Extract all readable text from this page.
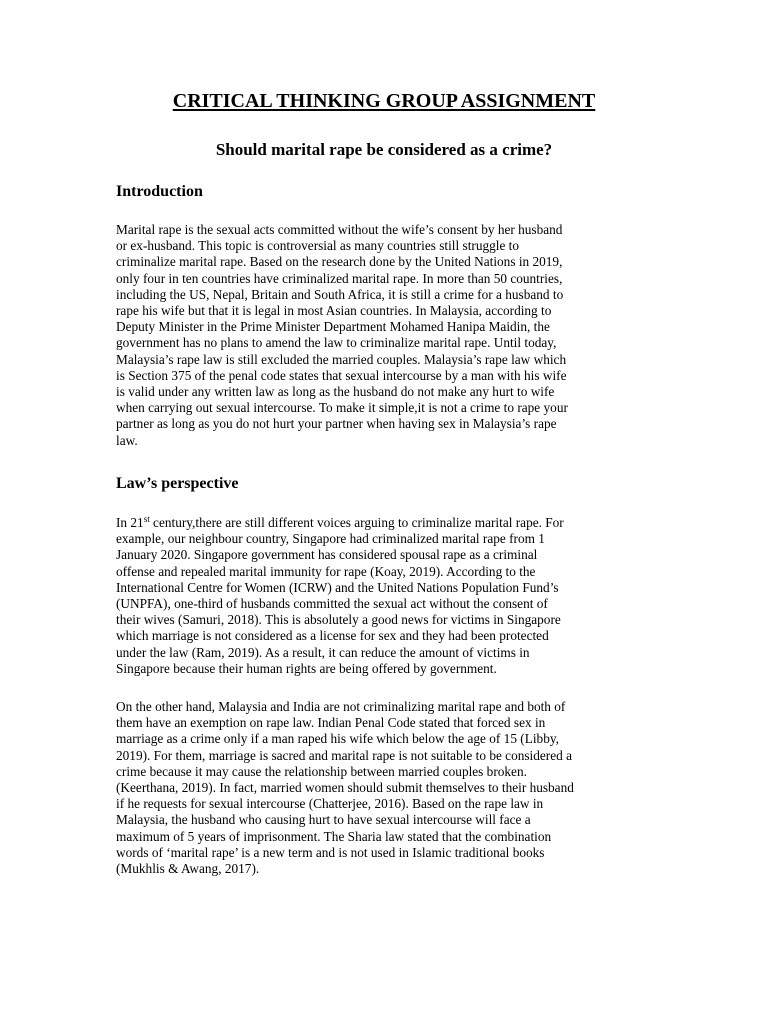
CRITICAL THINKING GROUP ASSIGNMENT
Should marital rape be considered as a crime?
Introduction
Marital rape is the sexual acts committed without the wife’s consent by her husband
or ex-husband. This topic is controversial as many countries still struggle to
criminalize marital rape. Based on the research done by the United Nations in 2019,
only four in ten countries have criminalized marital rape. In more than 50 countries,
including the US, Nepal, Britain and South Africa, it is still a crime for a husband to
rape his wife but that it is legal in most Asian countries. In Malaysia, according to
Deputy Minister in the Prime Minister Department Mohamed Hanipa Maidin, the
government has no plans to amend the law to criminalize marital rape. Until today,
Malaysia’s rape law is still excluded the married couples. Malaysia’s rape law which
is Section 375 of the penal code states that sexual intercourse by a man with his wife
is valid under any written law as long as the husband do not make any hurt to wife
when carrying out sexual intercourse. To make it simple,it is not a crime to rape your
partner as long as you do not hurt your partner when having sex in Malaysia’s rape
law.
Law’s perspective
In 21st century,there are still different voices arguing to criminalize marital rape. For
example, our neighbour country, Singapore had criminalized marital rape from 1
January 2020. Singapore government has considered spousal rape as a criminal
offense and repealed marital immunity for rape (Koay, 2019). According to the
International Centre for Women (ICRW) and the United Nations Population Fund’s
(UNPFA), one-third of husbands committed the sexual act without the consent of
their wives (Samuri, 2018). This is absolutely a good news for victims in Singapore
which marriage is not considered as a license for sex and they had been protected
under the law (Ram, 2019). As a result, it can reduce the amount of victims in
Singapore because their human rights are being offered by government.
On the other hand, Malaysia and India are not criminalizing marital rape and both of
them have an exemption on rape law. Indian Penal Code stated that forced sex in
marriage as a crime only if a man raped his wife which below the age of 15 (Libby,
2019). For them, marriage is sacred and marital rape is not suitable to be considered a
crime because it may cause the relationship between married couples broken.
(Keerthana, 2019). In fact, married women should submit themselves to their husband
if he requests for sexual intercourse (Chatterjee, 2016). Based on the rape law in
Malaysia, the husband who causing hurt to have sexual intercourse will face a
maximum of 5 years of imprisonment. The Sharia law stated that the combination
words of ‘marital rape’ is a new term and is not used in Islamic traditional books
(Mukhlis & Awang, 2017).
